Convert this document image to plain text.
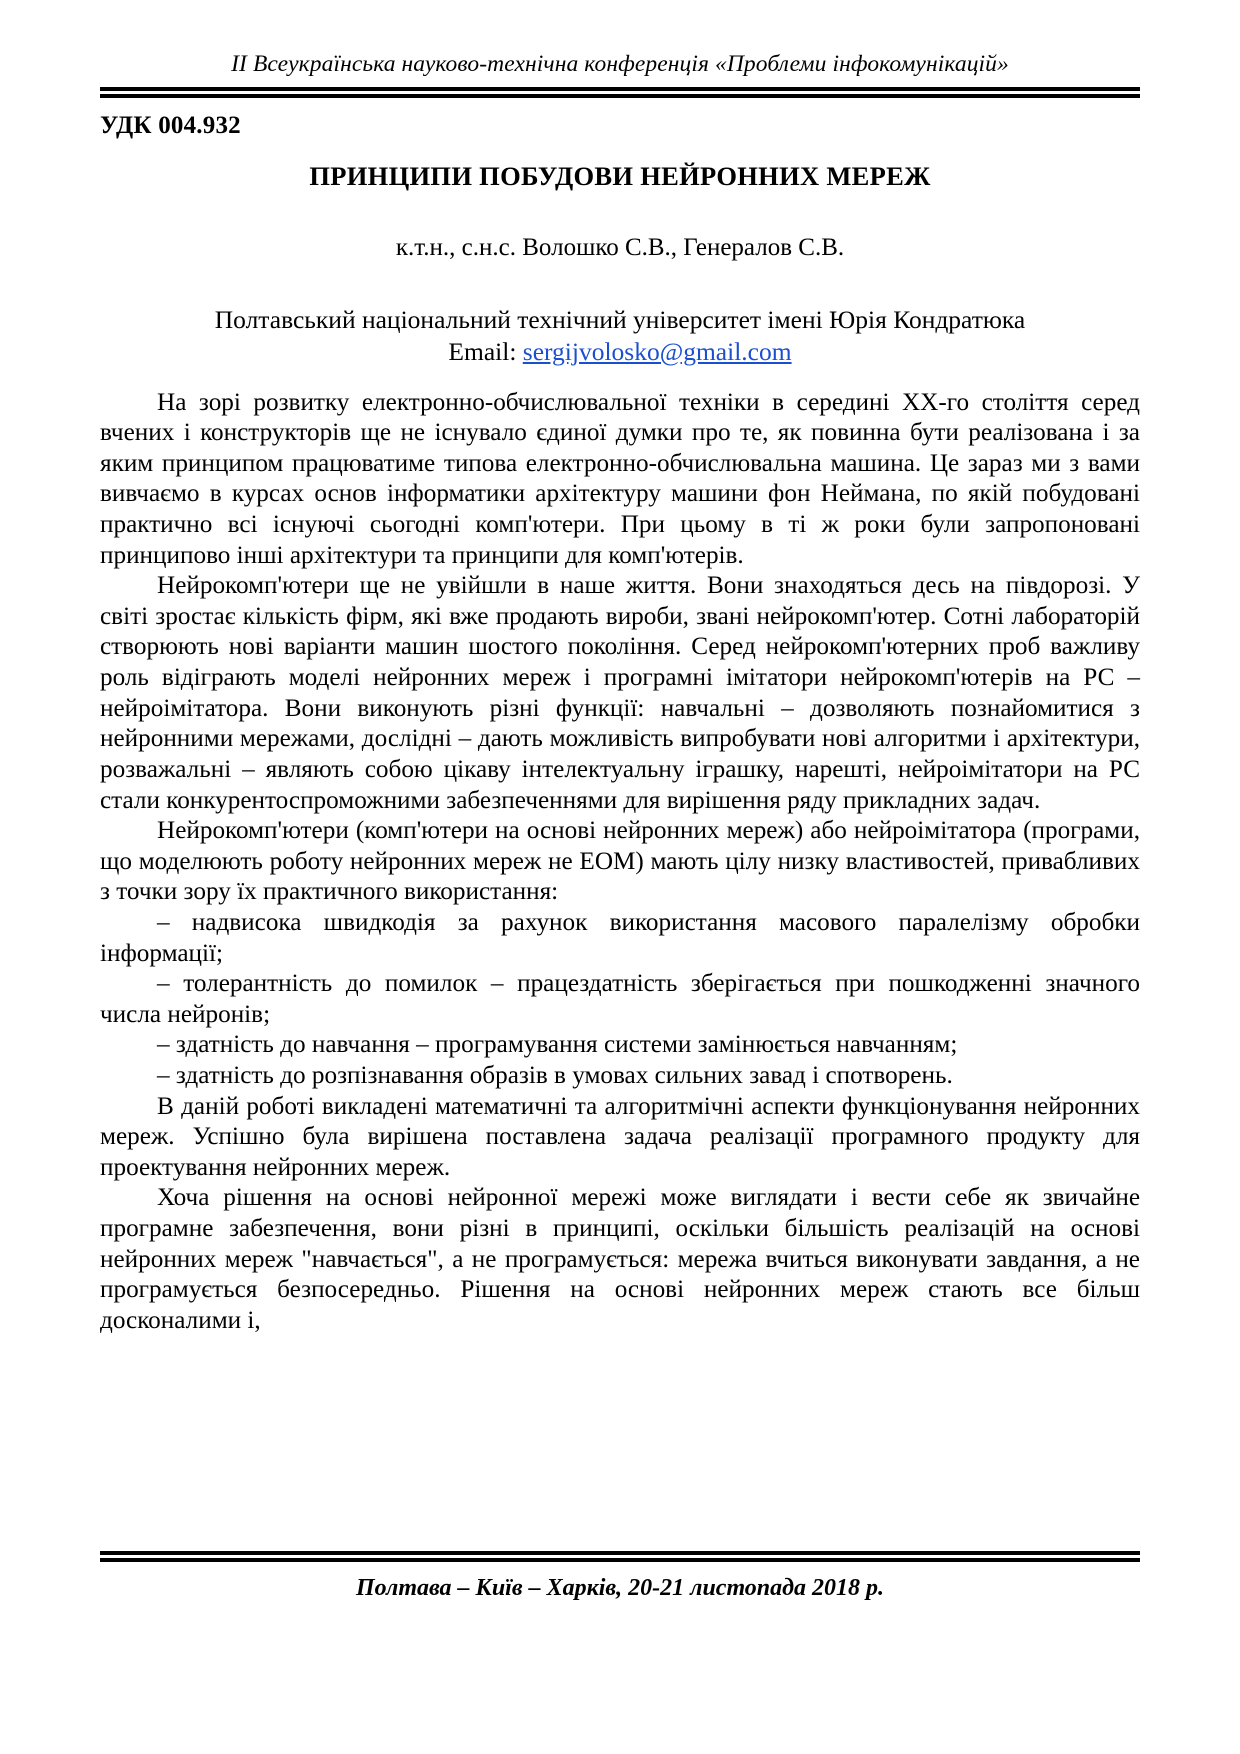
ІІ Всеукраїнська науково-технічна конференція «Проблеми інфокомунікацій»
УДК 004.932
ПРИНЦИПИ ПОБУДОВИ НЕЙРОННИХ МЕРЕЖ
к.т.н., с.н.с. Волошко С.В., Генералов С.В.
Полтавський національний технічний університет імені Юрія Кондратюка
Email: sergijvolosko@gmail.com

На зорі розвитку електронно-обчислювальної техніки в середині ХХ-го століття серед вчених і конструкторів ще не існувало єдиної думки про те, як повинна бути реалізована і за яким принципом працюватиме типова електронно-обчислювальна машина. Це зараз ми з вами вивчаємо в курсах основ інформатики архітектуру машини фон Неймана, по якій побудовані практично всі існуючі сьогодні комп'ютери. При цьому в ті ж роки були запропоновані принципово інші архітектури та принципи для комп'ютерів.

Нейрокомп'ютери ще не увійшли в наше життя. Вони знаходяться десь на півдорозі. У світі зростає кількість фірм, які вже продають вироби, звані нейрокомп'ютер. Сотні лабораторій створюють нові варіанти машин шостого покоління. Серед нейрокомп'ютерних проб важливу роль відіграють моделі нейронних мереж і програмні імітатори нейрокомп'ютерів на РС – нейроімітатора. Вони виконують різні функції: навчальні – дозволяють познайомитися з нейронними мережами, дослідні – дають можливість випробувати нові алгоритми і архітектури, розважальні – являють собою цікаву інтелектуальну іграшку, нарешті, нейроімітатори на РС стали конкурентоспроможними забезпеченнями для вирішення ряду прикладних задач.

Нейрокомп'ютери (комп'ютери на основі нейронних мереж) або нейроімітатора (програми, що моделюють роботу нейронних мереж не ЕОМ) мають цілу низку властивостей, привабливих з точки зору їх практичного використання:

– надвисока швидкодія за рахунок використання масового паралелізму обробки інформації;

– толерантність до помилок – працездатність зберігається при пошкодженні значного числа нейронів;

– здатність до навчання – програмування системи замінюється навчанням;

– здатність до розпізнавання образів в умовах сильних завад і спотворень.

В даній роботі викладені математичні та алгоритмічні аспекти функціонування нейронних мереж. Успішно була вирішена поставлена задача реалізації програмного продукту для проектування нейронних мереж.

Хоча рішення на основі нейронної мережі може виглядати і вести себе як звичайне програмне забезпечення, вони різні в принципі, оскільки більшість реалізацій на основі нейронних мереж "навчається", а не програмується: мережа вчиться виконувати завдання, а не програмується безпосередньо. Рішення на основі нейронних мереж стають все більш досконалими і,

Полтава – Київ – Харків, 20-21 листопада 2018 р.
